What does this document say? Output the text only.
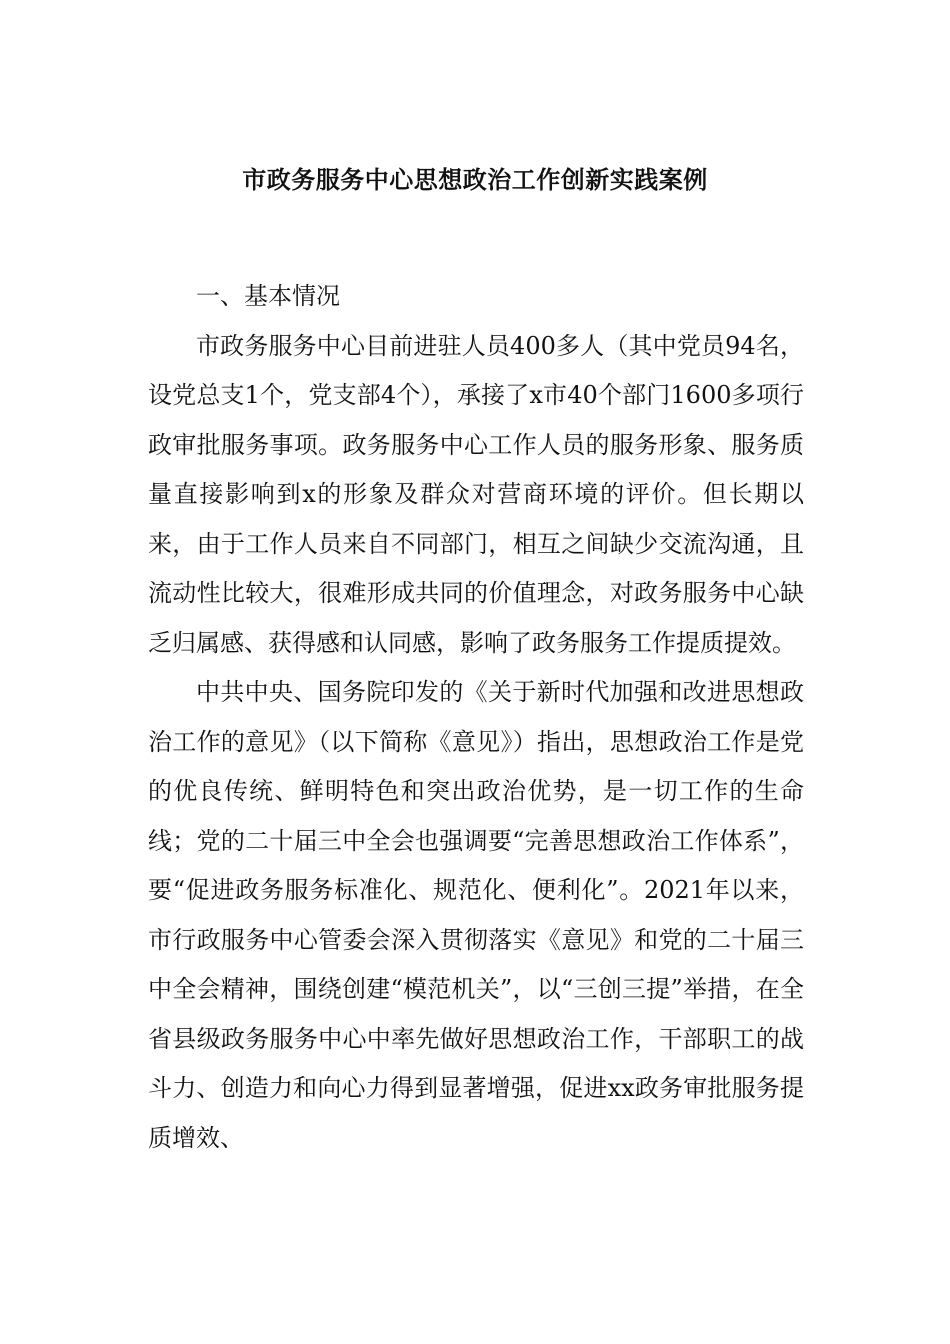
市政务服务中心思想政治工作创新实践案例

一、基本情况

市政务服务中心目前进驻人员400多人（其中党员94名，设党总支1个，党支部4个），承接了x市40个部门1600多项行政审批服务事项。政务服务中心工作人员的服务形象、服务质量直接影响到x的形象及群众对营商环境的评价。但长期以来，由于工作人员来自不同部门，相互之间缺少交流沟通，且流动性比较大，很难形成共同的价值理念，对政务服务中心缺乏归属感、获得感和认同感，影响了政务服务工作提质提效。

中共中央、国务院印发的《关于新时代加强和改进思想政治工作的意见》（以下简称《意见》）指出，思想政治工作是党的优良传统、鲜明特色和突出政治优势，是一切工作的生命线；党的二十届三中全会也强调要“完善思想政治工作体系”，要“促进政务服务标准化、规范化、便利化”。2021年以来，市行政服务中心管委会深入贯彻落实《意见》和党的二十届三中全会精神，围绕创建“模范机关”，以“三创三提”举措，在全省县级政务服务中心中率先做好思想政治工作，干部职工的战斗力、创造力和向心力得到显著增强，促进xx政务审批服务提质增效、
